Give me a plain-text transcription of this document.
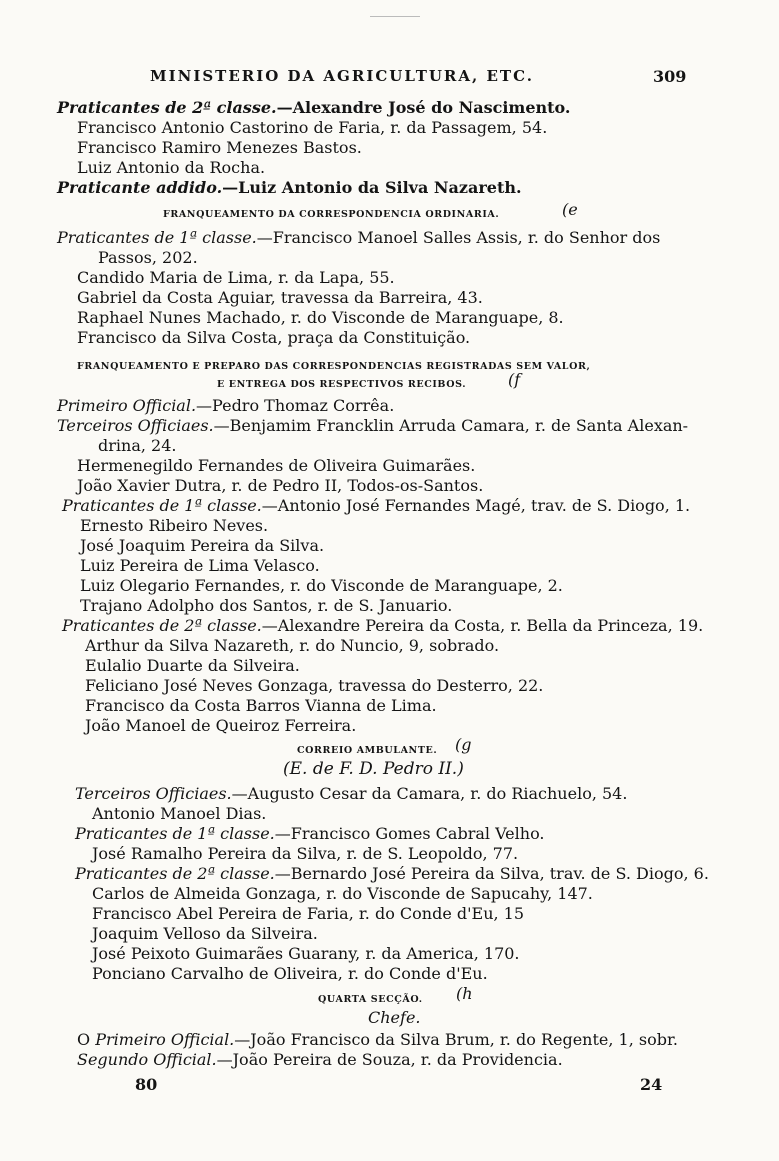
MINISTERIO DA AGRICULTURA, ETC.	309
Praticantes de 2ª classe.—Alexandre José do Nascimento.
Francisco Antonio Castorino de Faria, r. da Passagem, 54.
Francisco Ramiro Menezes Bastos.
Luiz Antonio da Rocha.
Praticante addido.—Luiz Antonio da Silva Nazareth.
FRANQUEAMENTO DA CORRESPONDENCIA ORDINARIA.	(e
Praticantes de 1ª classe.—Francisco Manoel Salles Assis, r. do Senhor dos
Passos, 202.
Candido Maria de Lima, r. da Lapa, 55.
Gabriel da Costa Aguiar, travessa da Barreira, 43.
Raphael Nunes Machado, r. do Visconde de Maranguape, 8.
Francisco da Silva Costa, praça da Constituição.
FRANQUEAMENTO E PREPARO DAS CORRESPONDENCIAS REGISTRADAS SEM VALOR,
E ENTREGA DOS RESPECTIVOS RECIBOS.	(f
Primeiro Official.—Pedro Thomaz Corrêa.
Terceiros Officiaes.—Benjamim Francklin Arruda Camara, r. de Santa Alexan-
drina, 24.
Hermenegildo Fernandes de Oliveira Guimarães.
João Xavier Dutra, r. de Pedro II, Todos-os-Santos.
Praticantes de 1ª classe.—Antonio José Fernandes Magé, trav. de S. Diogo, 1.
Ernesto Ribeiro Neves.
José Joaquim Pereira da Silva.
Luiz Pereira de Lima Velasco.
Luiz Olegario Fernandes, r. do Visconde de Maranguape, 2.
Trajano Adolpho dos Santos, r. de S. Januario.
Praticantes de 2ª classe.—Alexandre Pereira da Costa, r. Bella da Princeza, 19.
Arthur da Silva Nazareth, r. do Nuncio, 9, sobrado.
Eulalio Duarte da Silveira.
Feliciano José Neves Gonzaga, travessa do Desterro, 22.
Francisco da Costa Barros Vianna de Lima.
João Manoel de Queiroz Ferreira.
CORREIO AMBULANTE. (g
(E. de F. D. Pedro II.)
Terceiros Officiaes.—Augusto Cesar da Camara, r. do Riachuelo, 54.
Antonio Manoel Dias.
Praticantes de 1ª classe.—Francisco Gomes Cabral Velho.
José Ramalho Pereira da Silva, r. de S. Leopoldo, 77.
Praticantes de 2ª classe.—Bernardo José Pereira da Silva, trav. de S. Diogo, 6.
Carlos de Almeida Gonzaga, r. do Visconde de Sapucahy, 147.
Francisco Abel Pereira de Faria, r. do Conde d'Eu, 15
Joaquim Velloso da Silveira.
José Peixoto Guimarães Guarany, r. da America, 170.
Ponciano Carvalho de Oliveira, r. do Conde d'Eu.
QUARTA SECÇÃO. (h
Chefe.
O Primeiro Official.—João Francisco da Silva Brum, r. do Regente, 1, sobr.
Segundo Official.—João Pereira de Souza, r. da Providencia.
80	24
